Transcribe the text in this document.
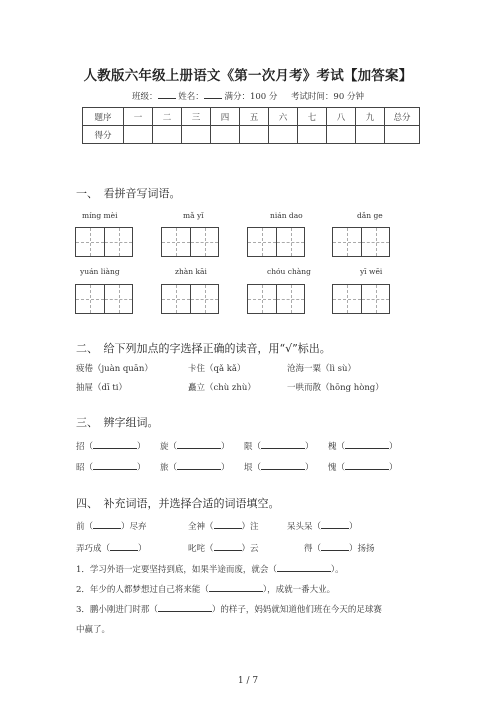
人教版六年级上册语文《第一次月考》考试【加答案】
班级： 姓名： 满分：100 分 考试时间：90 分钟
题序	一	二	三	四	五	六	七	八	九	总分
得分										
一、　看拼音写词语。
míng mèi	mǎ yǐ	nián dao	dǎn ge
yuán liàng	zhàn kāi	chóu chàng	yī wēi
二、　给下列加点的字选择正确的读音，用“√”标出。
疲倦（juàn quān）	卡住（qǎ kǎ）	沧海一粟（lì sù）
抽屉（dī ti）	矗立（chù zhù）	一哄而散（hōng hòng）
三、　辨字组词。
招（	） 旋（	） 限（	） 槐（	）
昭（	） 旅（	） 垠（	） 愧（	）
四、　补充词语，并选择合适的词语填空。
前（	）尽弃	全神（	）注	呆头呆（	）
弄巧成（	）	叱咤（	）云	得（	）扬扬
1．学习外语一定要坚持到底，如果半途而废，就会（	）。
2．年少的人都梦想过自己将来能（	），成就一番大业。
3．鹏小刚进门时那（	）的样子，妈妈就知道他们班在今天的足球赛
中赢了。
1 / 7
